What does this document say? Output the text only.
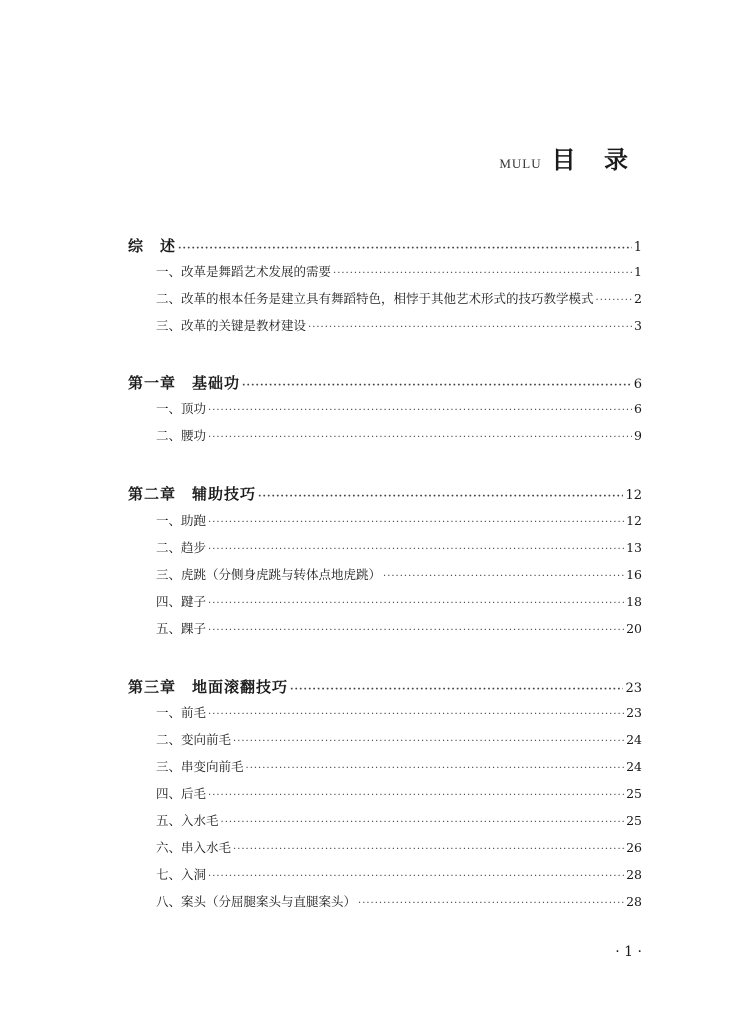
MULU 目 录
综　述 ·····	1
一、改革是舞蹈艺术发展的需要 ·····	1
二、改革的根本任务是建立具有舞蹈特色，相悖于其他艺术形式的技巧教学模式 ·····	2
三、改革的关键是教材建设 ·····	3
第一章　基础功 ·····	6
一、顶功 ·····	6
二、腰功 ·····	9
第二章　辅助技巧 ·····	12
一、助跑 ·····	12
二、趋步 ·····	13
三、虎跳（分侧身虎跳与转体点地虎跳） ·····	16
四、踺子 ·····	18
五、踝子 ·····	20
第三章　地面滚翻技巧 ·····	23
一、前毛 ·····	23
二、变向前毛 ·····	24
三、串变向前毛 ·····	24
四、后毛 ·····	25
五、入水毛 ·····	25
六、串入水毛 ·····	26
七、入洞 ·····	28
八、案头（分屈腿案头与直腿案头） ·····	28
· 1 ·
